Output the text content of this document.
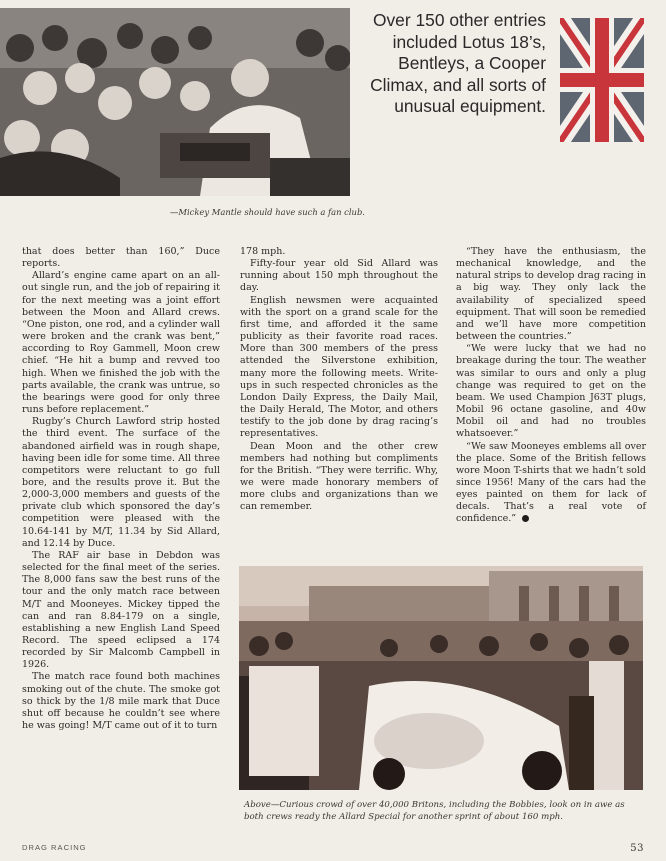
Over 150 other entries included Lotus 18’s, Bentleys, a Cooper Climax, and all sorts of unusual equipment.

—Mickey Mantle should have such a fan club.

that does better than 160,” Duce reports.

Allard’s engine came apart on an all-out single run, and the job of repairing it for the next meeting was a joint effort between the Moon and Allard crews. “One piston, one rod, and a cylinder wall were broken and the crank was bent,” according to Roy Gammell, Moon crew chief. “He hit a bump and revved too high. When we finished the job with the parts available, the crank was untrue, so the bearings were good for only three runs before replacement.”

Rugby’s Church Lawford strip hosted the third event. The surface of the abandoned airfield was in rough shape, having been idle for some time. All three competitors were reluctant to go full bore, and the results prove it. But the 2,000-3,000 members and guests of the private club which sponsored the day’s competition were pleased with the 10.64-141 by M/T, 11.34 by Sid Allard, and 12.14 by Duce.

The RAF air base in Debdon was selected for the final meet of the series. The 8,000 fans saw the best runs of the tour and the only match race between M/T and Mooneyes. Mickey tipped the can and ran 8.84-179 on a single, establishing a new English Land Speed Record. The speed eclipsed a 174 recorded by Sir Malcomb Campbell in 1926.

The match race found both machines smoking out of the chute. The smoke got so thick by the 1/8 mile mark that Duce shut off because he couldn’t see where he was going! M/T came out of it to turn

178 mph.

Fifty-four year old Sid Allard was running about 150 mph throughout the day.

English newsmen were acquainted with the sport on a grand scale for the first time, and afforded it the same publicity as their favorite road races. More than 300 members of the press attended the Silverstone exhibition, many more the following meets. Write-ups in such respected chronicles as the London Daily Express, the Daily Mail, the Daily Herald, The Motor, and others testify to the job done by drag racing’s representatives.

Dean Moon and the other crew members had nothing but compliments for the British. “They were terrific. Why, we were made honorary members of more clubs and organizations than we can remember.

“They have the enthusiasm, the mechanical knowledge, and the natural strips to develop drag racing in a big way. They only lack the availability of specialized speed equipment. That will soon be remedied and we’ll have more competition between the countries.”

“We were lucky that we had no breakage during the tour. The weather was similar to ours and only a plug change was required to get on the beam. We used Champion J63T plugs, Mobil 96 octane gasoline, and 40w Mobil oil and had no troubles whatsoever.”

“We saw Mooneyes emblems all over the place. Some of the British fellows wore Moon T-shirts that we hadn’t sold since 1956! Many of the cars had the eyes painted on them for lack of decals. That’s a real vote of confidence.”

Above—Curious crowd of over 40,000 Britons, including the Bobbies, look on in awe as both crews ready the Allard Special for another sprint of about 160 mph.

DRAG RACING	53
